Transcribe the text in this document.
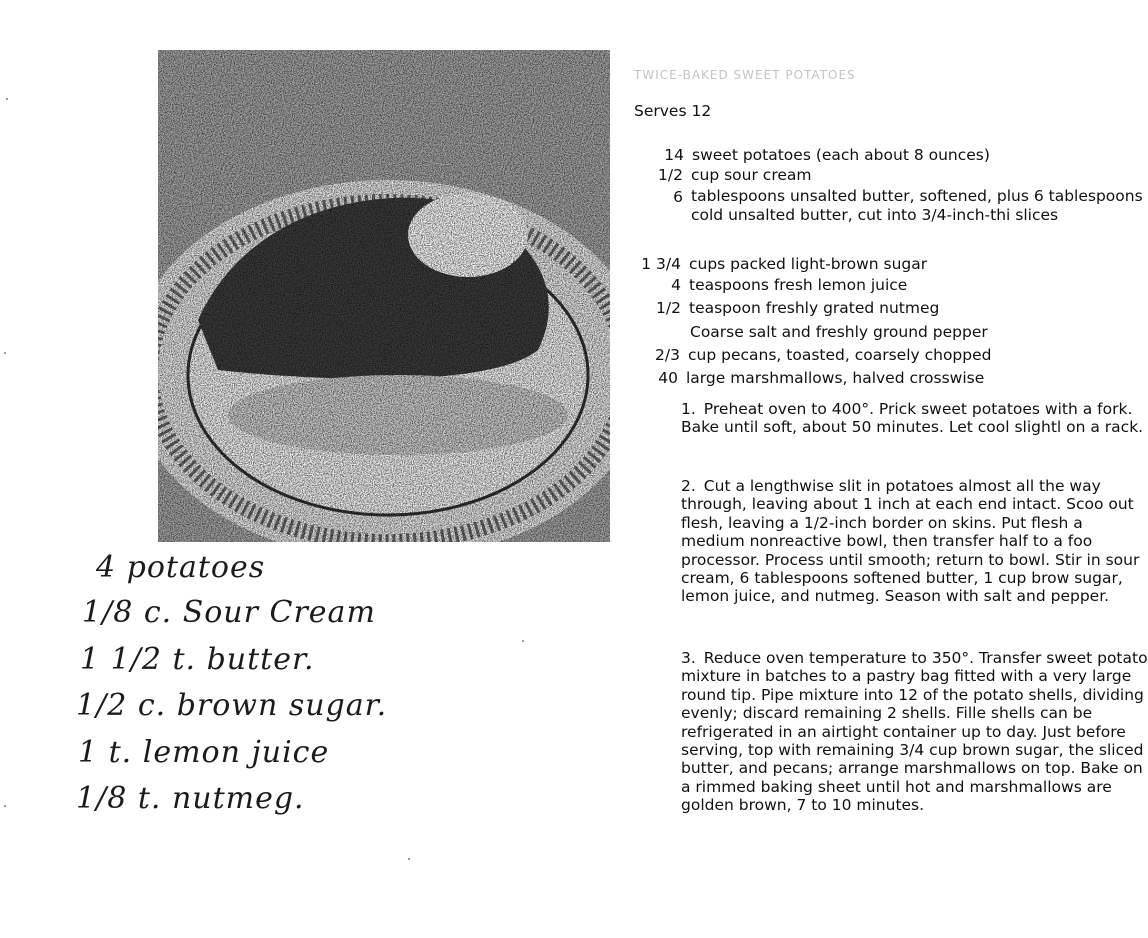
TWICE-BAKED SWEET POTATOES
Serves 12
14 sweet potatoes (each about 8 ounces)
1/2 cup sour cream
6 tablespoons unsalted butter, softened, plus 6 tablespoons cold unsalted butter, cut into 3/4-inch-thi slices
1 3/4 cups packed light-brown sugar
4 teaspoons fresh lemon juice
1/2 teaspoon freshly grated nutmeg
Coarse salt and freshly ground pepper
2/3 cup pecans, toasted, coarsely chopped
40 large marshmallows, halved crosswise
1. Preheat oven to 400°. Prick sweet potatoes with a fork. Bake until soft, about 50 minutes. Let cool slightl on a rack.
2. Cut a lengthwise slit in potatoes almost all the way through, leaving about 1 inch at each end intact. Scoo out flesh, leaving a 1/2-inch border on skins. Put flesh a medium nonreactive bowl, then transfer half to a foo processor. Process until smooth; return to bowl. Stir in sour cream, 6 tablespoons softened butter, 1 cup brow sugar, lemon juice, and nutmeg. Season with salt and pepper.
3. Reduce oven temperature to 350°. Transfer sweet potato mixture in batches to a pastry bag fitted with a very large round tip. Pipe mixture into 12 of the potato shells, dividing evenly; discard remaining 2 shells. Fille shells can be refrigerated in an airtight container up to day. Just before serving, top with remaining 3/4 cup brown sugar, the sliced butter, and pecans; arrange marshmallows on top. Bake on a rimmed baking sheet until hot and marshmallows are golden brown, 7 to 10 minutes.
4 potatoes
1/8 c. Sour Cream
1 1/2 t. butter.
1/2 c. brown sugar.
1 t. lemon juice
1/8 t. nutmeg.
